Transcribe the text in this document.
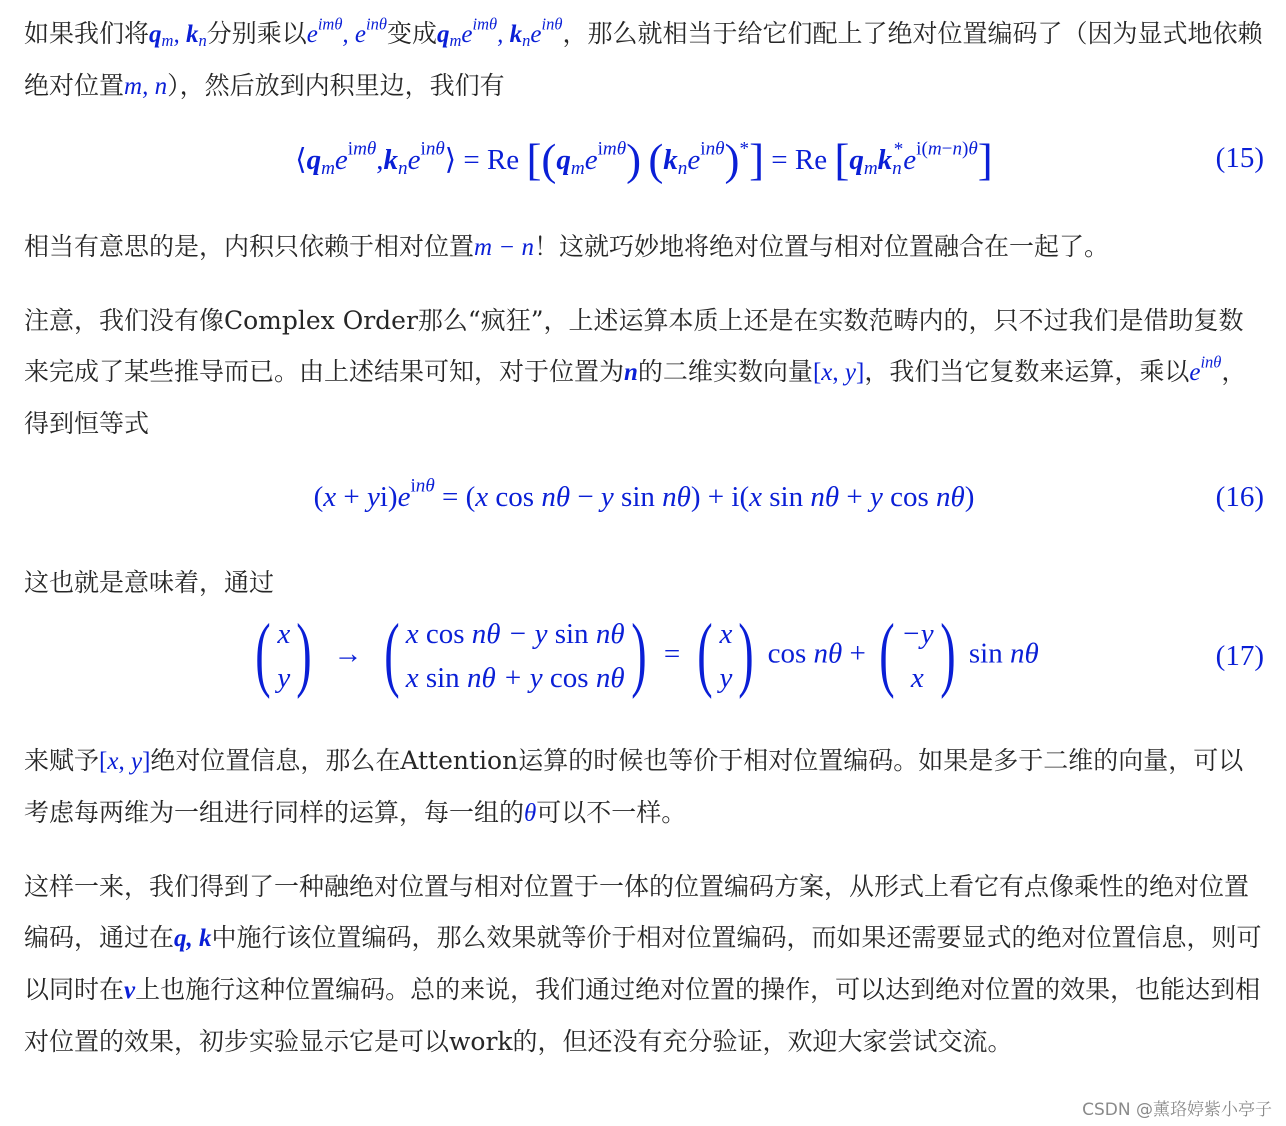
如果我们将$q_m$, $k_n$分别乘以$e^{im\theta}$, $e^{in\theta}$变成$q_me^{im\theta}$, $k_ne^{in\theta}$，那么就相当于给它们配上了绝对位置编码了（因为显式地依赖绝对位置m, n），然后放到内积里边，我们有

$⟨q_me^{im\theta},k_ne^{in\theta}⟩ = Re$ $[(q_me^{im\theta}) (k_ne^{in\theta})^*] = Re$ $[q_mk_n^*e^{i(m-n)\theta}]$	(15)

相当有意思的是，内积只依赖于相对位置m − n！这就巧妙地将绝对位置与相对位置融合在一起了。

注意，我们没有像Complex Order那么“疯狂”，上述运算本质上还是在实数范畴内的，只不过我们是借助复数来完成了某些推导而已。由上述结果可知，对于位置为n的二维实数向量[x, y]，我们当它复数来运算，乘以$e^{in\theta}$，得到恒等式

$(x + yi)e^{in\theta} = (x$ cos nθ − y sin nθ) + i(x sin nθ + y cos nθ)	(16)

这也就是意味着，通过

( x
y ) → ( x cos nθ − y sin nθ
x sin nθ + y cos nθ ) = ( x
y ) cos nθ + ( −y
x ) sin nθ	(17)

来赋予[x, y]绝对位置信息，那么在Attention运算的时候也等价于相对位置编码。如果是多于二维的向量，可以考虑每两维为一组进行同样的运算，每一组的θ可以不一样。

这样一来，我们得到了一种融绝对位置与相对位置于一体的位置编码方案，从形式上看它有点像乘性的绝对位置编码，通过在q, k中施行该位置编码，那么效果就等价于相对位置编码，而如果还需要显式的绝对位置信息，则可以同时在v上也施行这种位置编码。总的来说，我们通过绝对位置的操作，可以达到绝对位置的效果，也能达到相对位置的效果，初步实验显示它是可以work的，但还没有充分验证，欢迎大家尝试交流。

CSDN @薰珞婷紫小亭子
